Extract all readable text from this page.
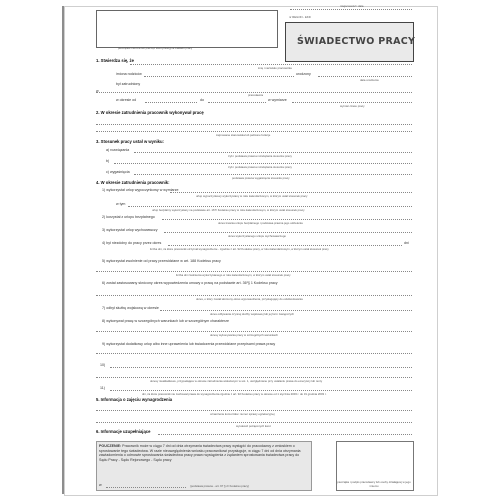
pieczątka imienna lub pieczęć identyfikacyjna zakładu pracy
miejscowość i data
nr REGON - EKD
ŚWIADECTWO PRACY
1. Stwierdza się, że
imię i nazwisko pracownika
imiona rodziców	urodzony
data urodzenia
był zatrudniony
w
pracodawca
w okresie od	do	w wymiarze
wymiar czasu pracy
2. W okresie zatrudnienia pracownik wykonywał pracę
zajmowane stanowiska lub pełnione funkcje
3. Stosunek pracy ustał w wyniku:
a) rozwiązania
tryb i podstawa prawna rozwiązania stosunku pracy
b)
tryb i podstawa prawna rozwiązania stosunku pracy
c) wygaśnięcia
podstawa prawna wygaśnięcia stosunku pracy
4. W okresie zatrudnienia pracownik:
1) wykorzystał urlop wypoczynkowy w wymiarze
urlop wypoczynkowy wykorzystany w roku kalendarzowym, w którym ustał stosunek pracy
w tym
urlop bezpłatny wykorzystany na podstawie art. 167² Kodeksu pracy w roku kalendarzowym, w którym ustał stosunek pracy
2) korzystał z urlopu bezpłatnego
okres trwania urlopu bezpłatnego i podstawa prawna jego udzielenia
3) wykorzystał urlop wychowawczy
okres wykorzystanego urlopu wychowawczego
4) był niezdolny do pracy przez okres	dni
liczba dni, za które pracownik otrzymał wynagrodzenie - zgodnie z art. 92 Kodeksu pracy, w roku kalendarzowym, w którym ustał stosunek pracy
5) wykorzystał zwolnienie od pracy przewidziane w art. 188 Kodeksu pracy
liczba dni zwolnienia wykorzystanego w roku kalendarzowym, w którym ustał stosunek pracy
6) został zastosowany skrócony okres wypowiedzenia umowy o pracę na podstawie art. 36¹§ 1 Kodeksu pracy
okres, o który został skrócony okres wypowiedzenia, przysługujący do odszkodowania
7) odbył służbę wojskową w okresie
okres odbywania czynnej służby wojskowej lub jej form zastępczych
8) wykonywał pracę w szczególnych warunkach lub w szczególnym charakterze
okresy wykonywania pracy w szczególnych warunkach
9) wykorzystał dodatkowy urlop albo inne uprawnienia lub świadczenia przewidziane przepisami prawa pracy
10)
okresy nieskładkowe, przypadające w okresie zatrudnienia wskazanym w ust. 1, uwzględniane przy ustalaniu prawa do emerytury lub renty
11)
dni, za które pracownik nie zachował prawa do wynagrodzenia zgodnie z art. 92 Kodeksu pracy w okresie od 1 stycznia 2003 r. do 31 grudnia 2003 r.
5. Informacja o zajęciu wynagrodzenia
oznaczenie komornika i numer sprawy egzekucyjnej
wysokość potrąconych kwot
6. Informacje uzupełniające
POUCZENIE: Pracownik może w ciągu 7 dni od dnia otrzymania świadectwa pracy wystąpić do pracodawcy z wnioskiem o sprostowanie tego świadectwa. W razie nieuwzględnienia wniosku pracownikowi przysługuje, w ciągu 7 dni od dnia otrzymania zawiadomienia o odmowie sprostowania świadectwa pracy prawo wystąpienia z żądaniem sprostowania świadectwa pracy do Sądu Pracy - Sądu Rejonowego - Sądu pracy
w	(podstawa prawna - art. 97 § 2¹ Kodeksu pracy)
pieczątka i podpis pracodawcy lub osoby działającej w jego imieniu
